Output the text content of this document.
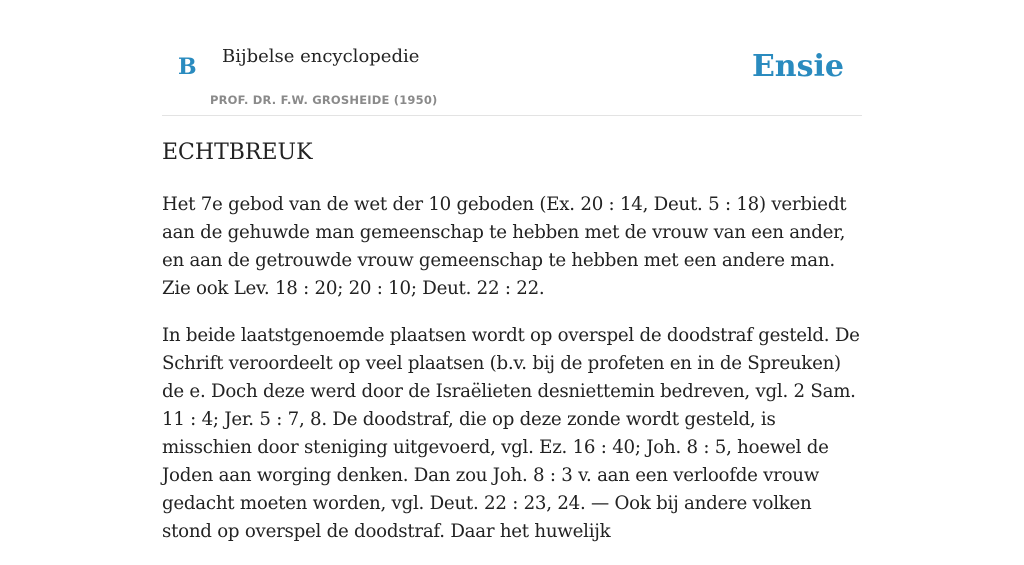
B Bijbelse encyclopedie
PROF. DR. F.W. GROSHEIDE (1950)
Ensie
ECHTBREUK

Het 7e gebod van de wet der 10 geboden (Ex. 20 : 14, Deut. 5 : 18) verbiedt aan de gehuwde man gemeenschap te hebben met de vrouw van een ander, en aan de getrouwde vrouw gemeenschap te hebben met een andere man. Zie ook Lev. 18 : 20; 20 : 10; Deut. 22 : 22.

In beide laatstgenoemde plaatsen wordt op overspel de doodstraf gesteld. De Schrift veroordeelt op veel plaatsen (b.v. bij de profeten en in de Spreuken) de e. Doch deze werd door de Israëlieten desniettemin bedreven, vgl. 2 Sam. 11 : 4; Jer. 5 : 7, 8. De doodstraf, die op deze zonde wordt gesteld, is misschien door steniging uitgevoerd, vgl. Ez. 16 : 40; Joh. 8 : 5, hoewel de Joden aan worging denken. Dan zou Joh. 8 : 3 v. aan een verloofde vrouw gedacht moeten worden, vgl. Deut. 22 : 23, 24. — Ook bij andere volken stond op overspel de doodstraf. Daar het huwelijk
